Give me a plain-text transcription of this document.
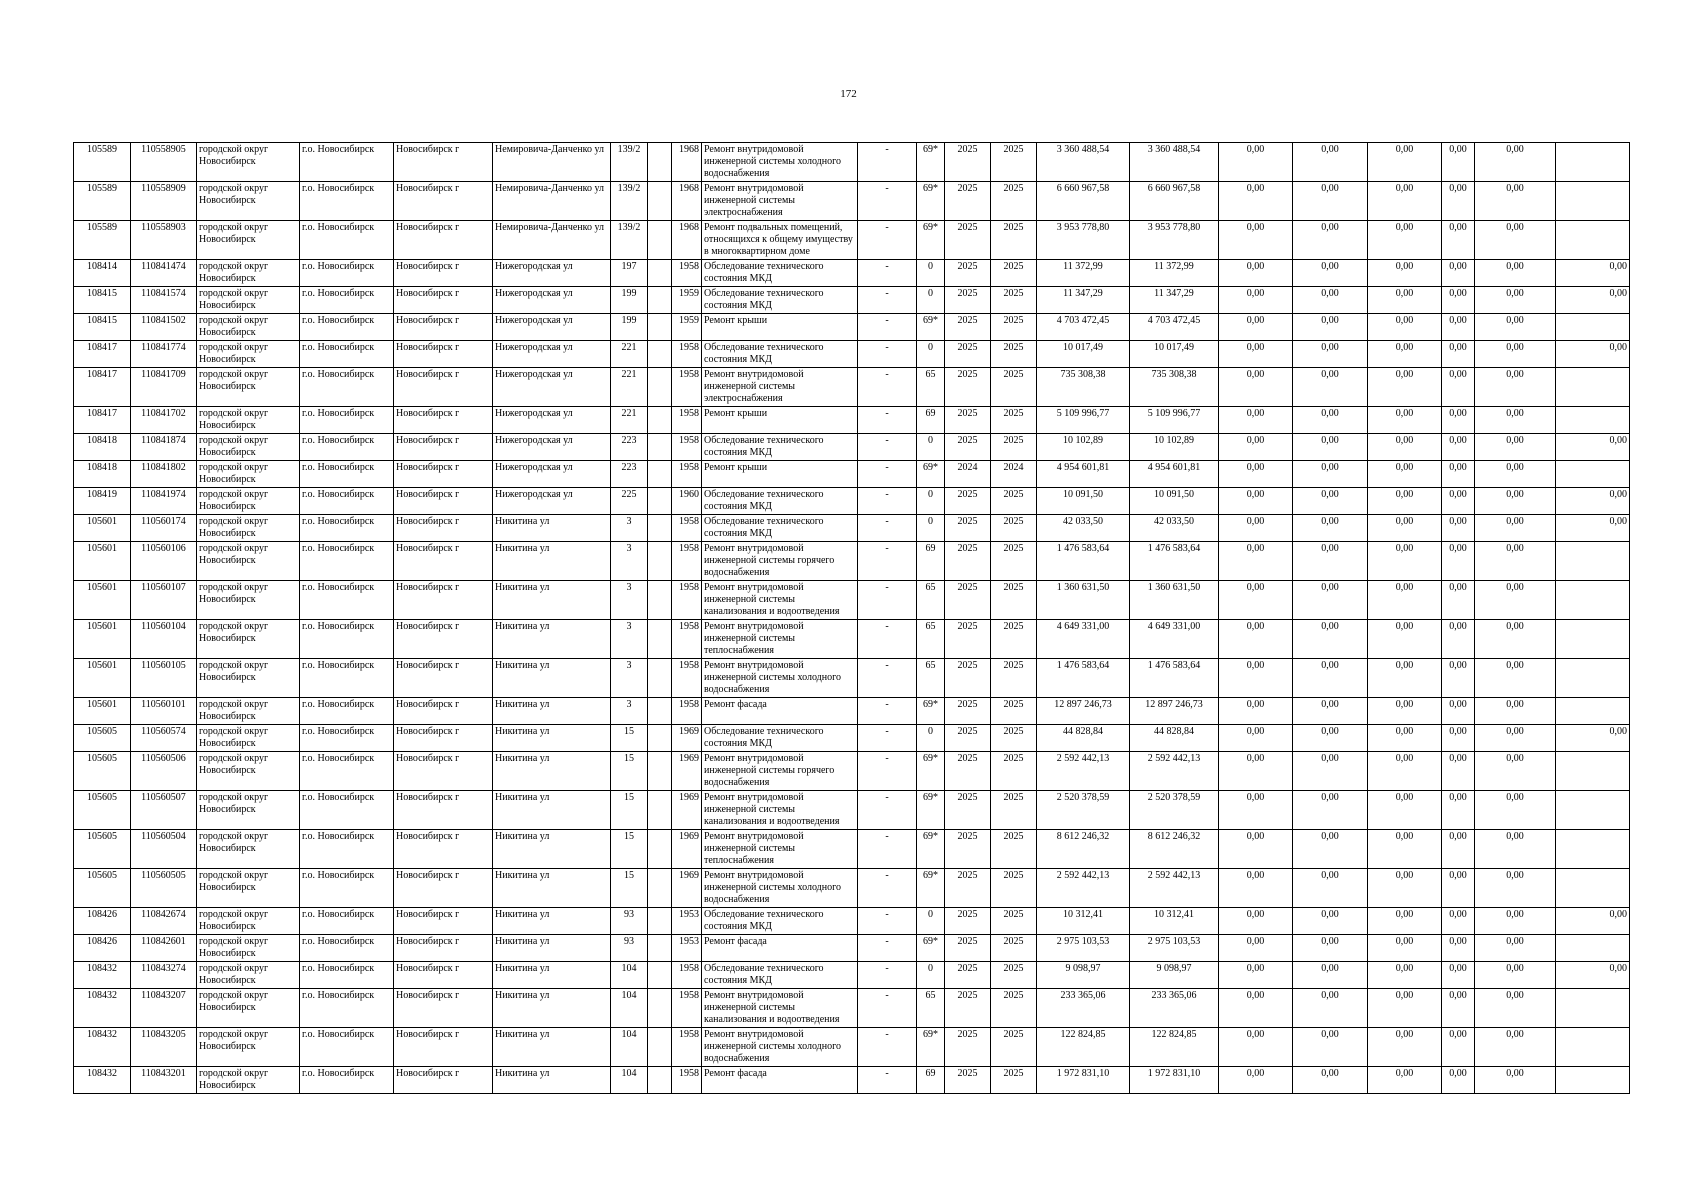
172
105589	110558905	городской округ Новосибирск	г.о. Новосибирск	Новосибирск г	Немировича-Данченко ул	139/2		1968	Ремонт внутридомовой инженерной системы холодного водоснабжения	-	69*	2025	2025	3 360 488,54	3 360 488,54	0,00	0,00	0,00	0,00	0,00	
105589	110558909	городской округ Новосибирск	г.о. Новосибирск	Новосибирск г	Немировича-Данченко ул	139/2		1968	Ремонт внутридомовой инженерной системы электроснабжения	-	69*	2025	2025	6 660 967,58	6 660 967,58	0,00	0,00	0,00	0,00	0,00	
105589	110558903	городской округ Новосибирск	г.о. Новосибирск	Новосибирск г	Немировича-Данченко ул	139/2		1968	Ремонт подвальных помещений, относящихся к общему имуществу в многоквартирном доме	-	69*	2025	2025	3 953 778,80	3 953 778,80	0,00	0,00	0,00	0,00	0,00	
108414	110841474	городской округ Новосибирск	г.о. Новосибирск	Новосибирск г	Нижегородская ул	197		1958	Обследование технического состояния МКД	-	0	2025	2025	11 372,99	11 372,99	0,00	0,00	0,00	0,00	0,00	0,00
108415	110841574	городской округ Новосибирск	г.о. Новосибирск	Новосибирск г	Нижегородская ул	199		1959	Обследование технического состояния МКД	-	0	2025	2025	11 347,29	11 347,29	0,00	0,00	0,00	0,00	0,00	0,00
108415	110841502	городской округ Новосибирск	г.о. Новосибирск	Новосибирск г	Нижегородская ул	199		1959	Ремонт крыши	-	69*	2025	2025	4 703 472,45	4 703 472,45	0,00	0,00	0,00	0,00	0,00	
108417	110841774	городской округ Новосибирск	г.о. Новосибирск	Новосибирск г	Нижегородская ул	221		1958	Обследование технического состояния МКД	-	0	2025	2025	10 017,49	10 017,49	0,00	0,00	0,00	0,00	0,00	0,00
108417	110841709	городской округ Новосибирск	г.о. Новосибирск	Новосибирск г	Нижегородская ул	221		1958	Ремонт внутридомовой инженерной системы электроснабжения	-	65	2025	2025	735 308,38	735 308,38	0,00	0,00	0,00	0,00	0,00	
108417	110841702	городской округ Новосибирск	г.о. Новосибирск	Новосибирск г	Нижегородская ул	221		1958	Ремонт крыши	-	69	2025	2025	5 109 996,77	5 109 996,77	0,00	0,00	0,00	0,00	0,00	
108418	110841874	городской округ Новосибирск	г.о. Новосибирск	Новосибирск г	Нижегородская ул	223		1958	Обследование технического состояния МКД	-	0	2025	2025	10 102,89	10 102,89	0,00	0,00	0,00	0,00	0,00	0,00
108418	110841802	городской округ Новосибирск	г.о. Новосибирск	Новосибирск г	Нижегородская ул	223		1958	Ремонт крыши	-	69*	2024	2024	4 954 601,81	4 954 601,81	0,00	0,00	0,00	0,00	0,00	
108419	110841974	городской округ Новосибирск	г.о. Новосибирск	Новосибирск г	Нижегородская ул	225		1960	Обследование технического состояния МКД	-	0	2025	2025	10 091,50	10 091,50	0,00	0,00	0,00	0,00	0,00	0,00
105601	110560174	городской округ Новосибирск	г.о. Новосибирск	Новосибирск г	Никитина ул	3		1958	Обследование технического состояния МКД	-	0	2025	2025	42 033,50	42 033,50	0,00	0,00	0,00	0,00	0,00	0,00
105601	110560106	городской округ Новосибирск	г.о. Новосибирск	Новосибирск г	Никитина ул	3		1958	Ремонт внутридомовой инженерной системы горячего водоснабжения	-	69	2025	2025	1 476 583,64	1 476 583,64	0,00	0,00	0,00	0,00	0,00	
105601	110560107	городской округ Новосибирск	г.о. Новосибирск	Новосибирск г	Никитина ул	3		1958	Ремонт внутридомовой инженерной системы канализования и водоотведения	-	65	2025	2025	1 360 631,50	1 360 631,50	0,00	0,00	0,00	0,00	0,00	
105601	110560104	городской округ Новосибирск	г.о. Новосибирск	Новосибирск г	Никитина ул	3		1958	Ремонт внутридомовой инженерной системы теплоснабжения	-	65	2025	2025	4 649 331,00	4 649 331,00	0,00	0,00	0,00	0,00	0,00	
105601	110560105	городской округ Новосибирск	г.о. Новосибирск	Новосибирск г	Никитина ул	3		1958	Ремонт внутридомовой инженерной системы холодного водоснабжения	-	65	2025	2025	1 476 583,64	1 476 583,64	0,00	0,00	0,00	0,00	0,00	
105601	110560101	городской округ Новосибирск	г.о. Новосибирск	Новосибирск г	Никитина ул	3		1958	Ремонт фасада	-	69*	2025	2025	12 897 246,73	12 897 246,73	0,00	0,00	0,00	0,00	0,00	
105605	110560574	городской округ Новосибирск	г.о. Новосибирск	Новосибирск г	Никитина ул	15		1969	Обследование технического состояния МКД	-	0	2025	2025	44 828,84	44 828,84	0,00	0,00	0,00	0,00	0,00	0,00
105605	110560506	городской округ Новосибирск	г.о. Новосибирск	Новосибирск г	Никитина ул	15		1969	Ремонт внутридомовой инженерной системы горячего водоснабжения	-	69*	2025	2025	2 592 442,13	2 592 442,13	0,00	0,00	0,00	0,00	0,00	
105605	110560507	городской округ Новосибирск	г.о. Новосибирск	Новосибирск г	Никитина ул	15		1969	Ремонт внутридомовой инженерной системы канализования и водоотведения	-	69*	2025	2025	2 520 378,59	2 520 378,59	0,00	0,00	0,00	0,00	0,00	
105605	110560504	городской округ Новосибирск	г.о. Новосибирск	Новосибирск г	Никитина ул	15		1969	Ремонт внутридомовой инженерной системы теплоснабжения	-	69*	2025	2025	8 612 246,32	8 612 246,32	0,00	0,00	0,00	0,00	0,00	
105605	110560505	городской округ Новосибирск	г.о. Новосибирск	Новосибирск г	Никитина ул	15		1969	Ремонт внутридомовой инженерной системы холодного водоснабжения	-	69*	2025	2025	2 592 442,13	2 592 442,13	0,00	0,00	0,00	0,00	0,00	
108426	110842674	городской округ Новосибирск	г.о. Новосибирск	Новосибирск г	Никитина ул	93		1953	Обследование технического состояния МКД	-	0	2025	2025	10 312,41	10 312,41	0,00	0,00	0,00	0,00	0,00	0,00
108426	110842601	городской округ Новосибирск	г.о. Новосибирск	Новосибирск г	Никитина ул	93		1953	Ремонт фасада	-	69*	2025	2025	2 975 103,53	2 975 103,53	0,00	0,00	0,00	0,00	0,00	
108432	110843274	городской округ Новосибирск	г.о. Новосибирск	Новосибирск г	Никитина ул	104		1958	Обследование технического состояния МКД	-	0	2025	2025	9 098,97	9 098,97	0,00	0,00	0,00	0,00	0,00	0,00
108432	110843207	городской округ Новосибирск	г.о. Новосибирск	Новосибирск г	Никитина ул	104		1958	Ремонт внутридомовой инженерной системы канализования и водоотведения	-	65	2025	2025	233 365,06	233 365,06	0,00	0,00	0,00	0,00	0,00	
108432	110843205	городской округ Новосибирск	г.о. Новосибирск	Новосибирск г	Никитина ул	104		1958	Ремонт внутридомовой инженерной системы холодного водоснабжения	-	69*	2025	2025	122 824,85	122 824,85	0,00	0,00	0,00	0,00	0,00	
108432	110843201	городской округ Новосибирск	г.о. Новосибирск	Новосибирск г	Никитина ул	104		1958	Ремонт фасада	-	69	2025	2025	1 972 831,10	1 972 831,10	0,00	0,00	0,00	0,00	0,00	
